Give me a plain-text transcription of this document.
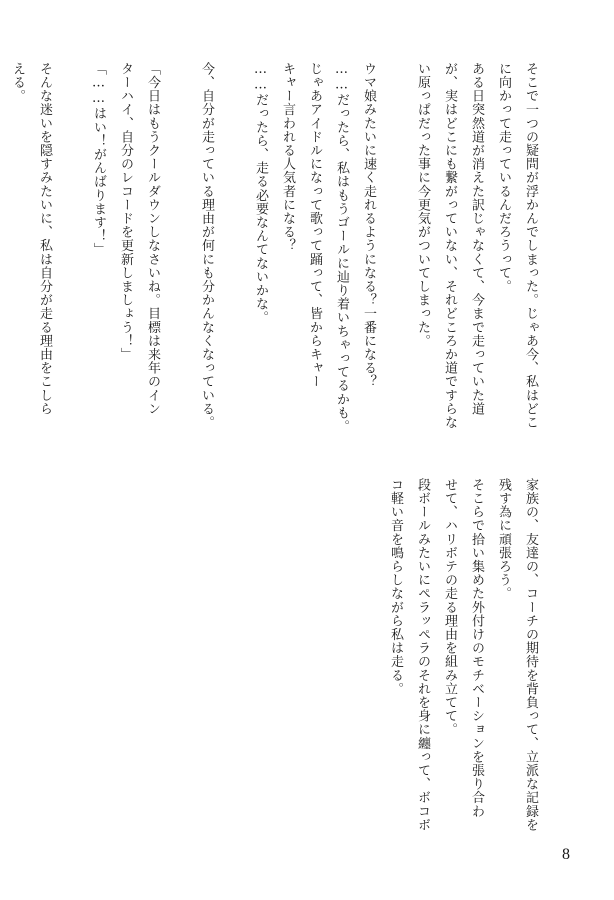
そこで一つの疑問が浮かんでしまった。じゃあ今、私はどこ
に向かって走っているんだろうって。
ある日突然道が消えた訳じゃなくて、今まで走っていた道
が、実はどこにも繋がっていない、それどころか道ですらな
い原っぱだった事に今更気がついてしまった。
ウマ娘みたいに速く走れるようになる？一番になる？
……だったら、私はもうゴールに辿り着いちゃってるかも。
じゃあアイドルになって歌って踊って、皆からキャー
キャー言われる人気者になる？
……だったら、走る必要なんてないかな。
今、自分が走っている理由が何にも分かんなくなっている。
「今日はもうクールダウンしなさいね。目標は来年のイン
ターハイ、自分のレコードを更新しましょう！」
「……はい！がんばります！」
そんな迷いを隠すみたいに、私は自分が走る理由をこしら
える。
家族の、友達の、コーチの期待を背負って、立派な記録を
残す為に頑張ろう。
そこらで拾い集めた外付けのモチベーションを張り合わ
せて、ハリボテの走る理由を組み立てて。
段ボールみたいにペラッペラのそれを身に纏って、ボコボ
コ軽い音を鳴らしながら私は走る。
8
